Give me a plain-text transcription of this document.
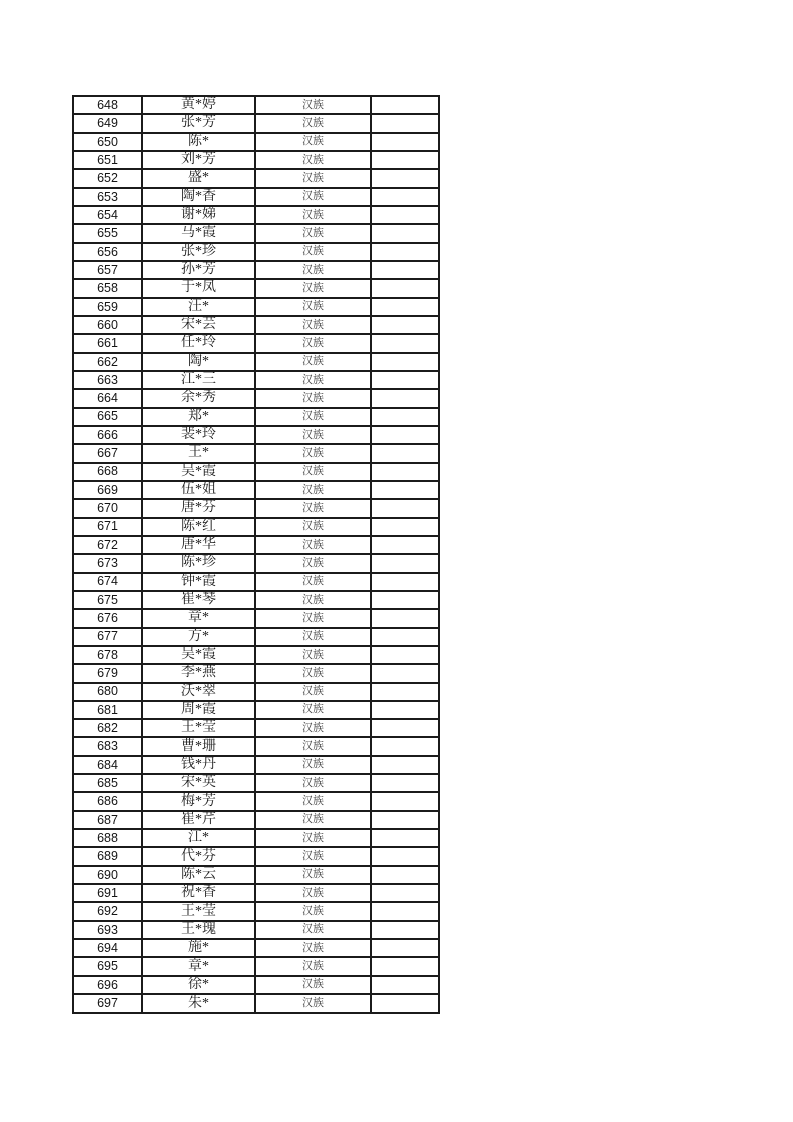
648	黄*婷	汉族	
649	张*芳	汉族	
650	陈*	汉族	
651	刘*芳	汉族	
652	盛*	汉族	
653	陶*香	汉族	
654	谢*娣	汉族	
655	马*霞	汉族	
656	张*珍	汉族	
657	孙*芳	汉族	
658	于*凤	汉族	
659	汪*	汉族	
660	宋*芸	汉族	
661	任*玲	汉族	
662	陶*	汉族	
663	江*三	汉族	
664	余*秀	汉族	
665	郑*	汉族	
666	裴*玲	汉族	
667	王*	汉族	
668	吴*霞	汉族	
669	伍*姐	汉族	
670	唐*芬	汉族	
671	陈*红	汉族	
672	唐*华	汉族	
673	陈*珍	汉族	
674	钟*霞	汉族	
675	崔*琴	汉族	
676	章*	汉族	
677	方*	汉族	
678	吴*霞	汉族	
679	李*燕	汉族	
680	沃*翠	汉族	
681	周*霞	汉族	
682	王*莹	汉族	
683	曹*珊	汉族	
684	钱*丹	汉族	
685	宋*英	汉族	
686	梅*芳	汉族	
687	崔*芹	汉族	
688	江*	汉族	
689	代*芬	汉族	
690	陈*云	汉族	
691	祝*香	汉族	
692	王*莹	汉族	
693	王*瑰	汉族	
694	施*	汉族	
695	章*	汉族	
696	徐*	汉族	
697	朱*	汉族	
